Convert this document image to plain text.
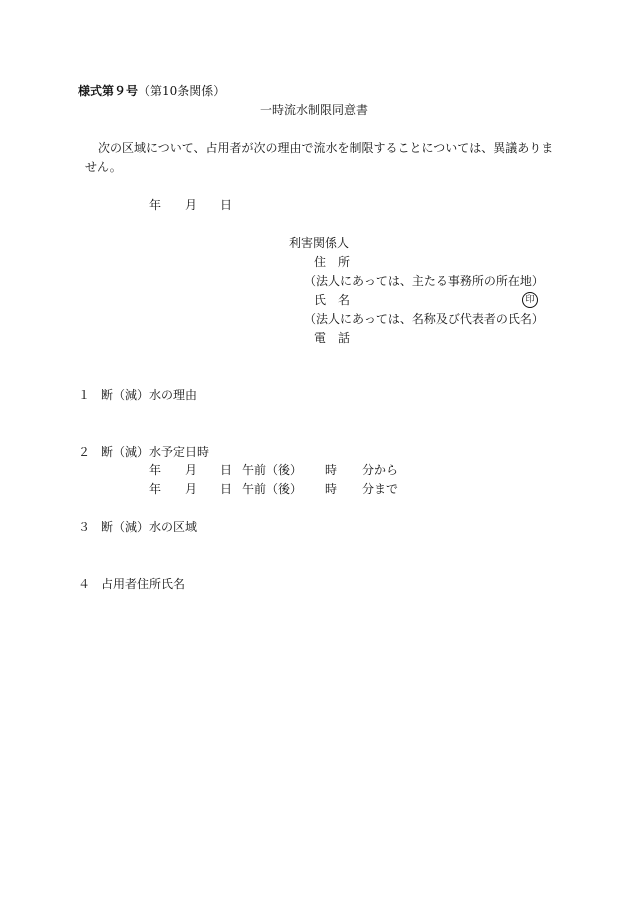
様式第９号（第10条関係）
一時流水制限同意書
次の区域について、占用者が次の理由で流水を制限することについては、異議ありま
せん。
年 月 日
利害関係人
住　所
（法人にあっては、主たる事務所の所在地）
氏　名	印
（法人にあっては、名称及び代表者の氏名）
電　話
１ 断（減）水の理由
２ 断（減）水予定日時
年 月 日 午前（後） 時 分から
年 月 日 午前（後） 時 分まで
３ 断（減）水の区域
４ 占用者住所氏名
